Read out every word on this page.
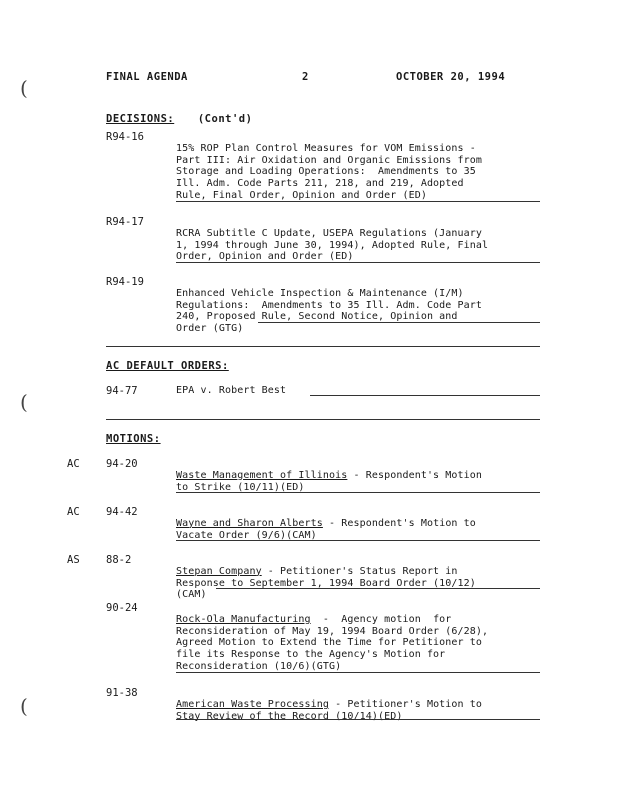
FINAL AGENDA	2	OCTOBER 20, 1994
(
(
(
DECISIONS: (Cont'd)
R94-16

15% ROP Plan Control Measures for VOM Emissions -
Part III: Air Oxidation and Organic Emissions from
Storage and Loading Operations:  Amendments to 35
Ill. Adm. Code Parts 211, 218, and 219, Adopted
Rule, Final Order, Opinion and Order (ED)

R94-17

RCRA Subtitle C Update, USEPA Regulations (January
1, 1994 through June 30, 1994), Adopted Rule, Final
Order, Opinion and Order (ED)

R94-19

Enhanced Vehicle Inspection & Maintenance (I/M)
Regulations:  Amendments to 35 Ill. Adm. Code Part
240, Proposed Rule, Second Notice, Opinion and
Order (GTG)

AC DEFAULT ORDERS:
94-77	EPA v. Robert Best
MOTIONS:
AC	94-20

Waste Management of Illinois - Respondent's Motion
to Strike (10/11)(ED)

AC	94-42

Wayne and Sharon Alberts - Respondent's Motion to
Vacate Order (9/6)(CAM)

AS	88-2

Stepan Company - Petitioner's Status Report in
Response to September 1, 1994 Board Order (10/12)
(CAM)

90-24

Rock-Ola Manufacturing  -  Agency motion  for
Reconsideration of May 19, 1994 Board Order (6/28),
Agreed Motion to Extend the Time for Petitioner to
file its Response to the Agency's Motion for
Reconsideration (10/6)(GTG)

91-38

American Waste Processing - Petitioner's Motion to
Stay Review of the Record (10/14)(ED)
